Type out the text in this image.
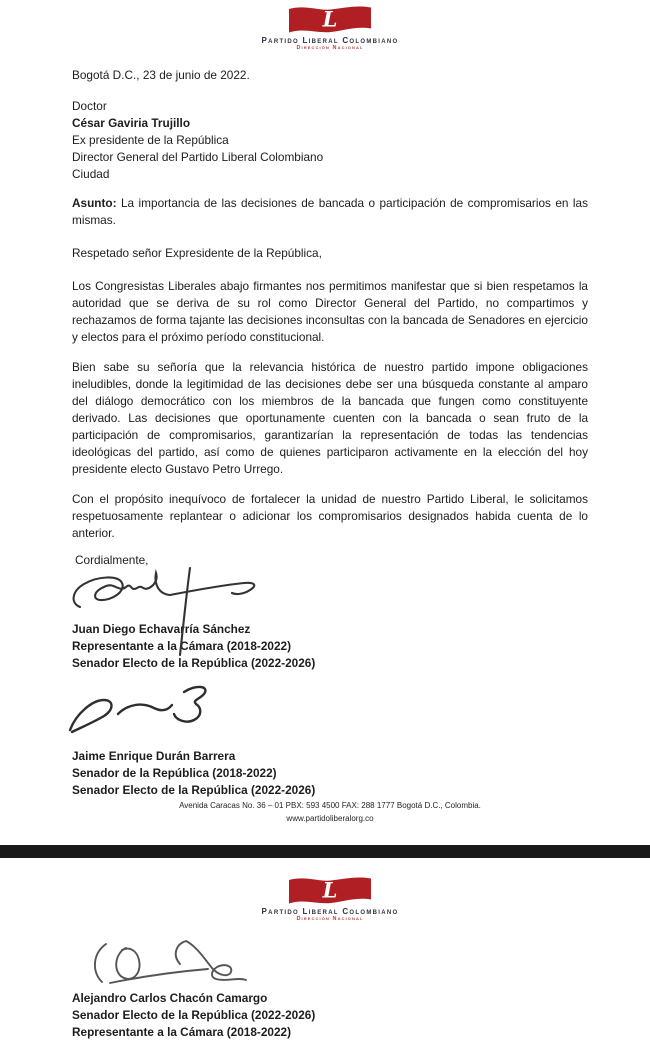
L
Partido Liberal Colombiano
Dirección Nacional
Bogotá D.C., 23 de junio de 2022.
Doctor
César Gaviria Trujillo
Ex presidente de la República
Director General del Partido Liberal Colombiano
Ciudad
Asunto: La importancia de las decisiones de bancada o participación de compromisarios en las mismas.
Respetado señor Expresidente de la República,

Los Congresistas Liberales abajo firmantes nos permitimos manifestar que si bien respetamos la autoridad que se deriva de su rol como Director General del Partido, no compartimos y rechazamos de forma tajante las decisiones inconsultas con la bancada de Senadores en ejercicio y electos para el próximo período constitucional.

Bien sabe su señoría que la relevancia histórica de nuestro partido impone obligaciones ineludibles, donde la legitimidad de las decisiones debe ser una búsqueda constante al amparo del diálogo democrático con los miembros de la bancada que fungen como constituyente derivado. Las decisiones que oportunamente cuenten con la bancada o sean fruto de la participación de compromisarios, garantizarían la representación de todas las tendencias ideológicas del partido, así como de quienes participaron activamente en la elección del hoy presidente electo Gustavo Petro Urrego.

Con el propósito inequívoco de fortalecer la unidad de nuestro Partido Liberal, le solicitamos respetuosamente replantear o adicionar los compromisarios designados habida cuenta de lo anterior.

Cordialmente,
Juan Diego Echavarría Sánchez
Representante a la Cámara (2018-2022)
Senador Electo de la República (2022-2026)
Jaime Enrique Durán Barrera
Senador de la República (2018-2022)
Senador Electo de la República (2022-2026)
Avenida Caracas No. 36 – 01 PBX: 593 4500 FAX: 288 1777 Bogotá D.C., Colombia.
www.partidoliberalorg.co
L
Partido Liberal Colombiano
Dirección Nacional
Alejandro Carlos Chacón Camargo
Senador Electo de la República (2022-2026)
Representante a la Cámara (2018-2022)
